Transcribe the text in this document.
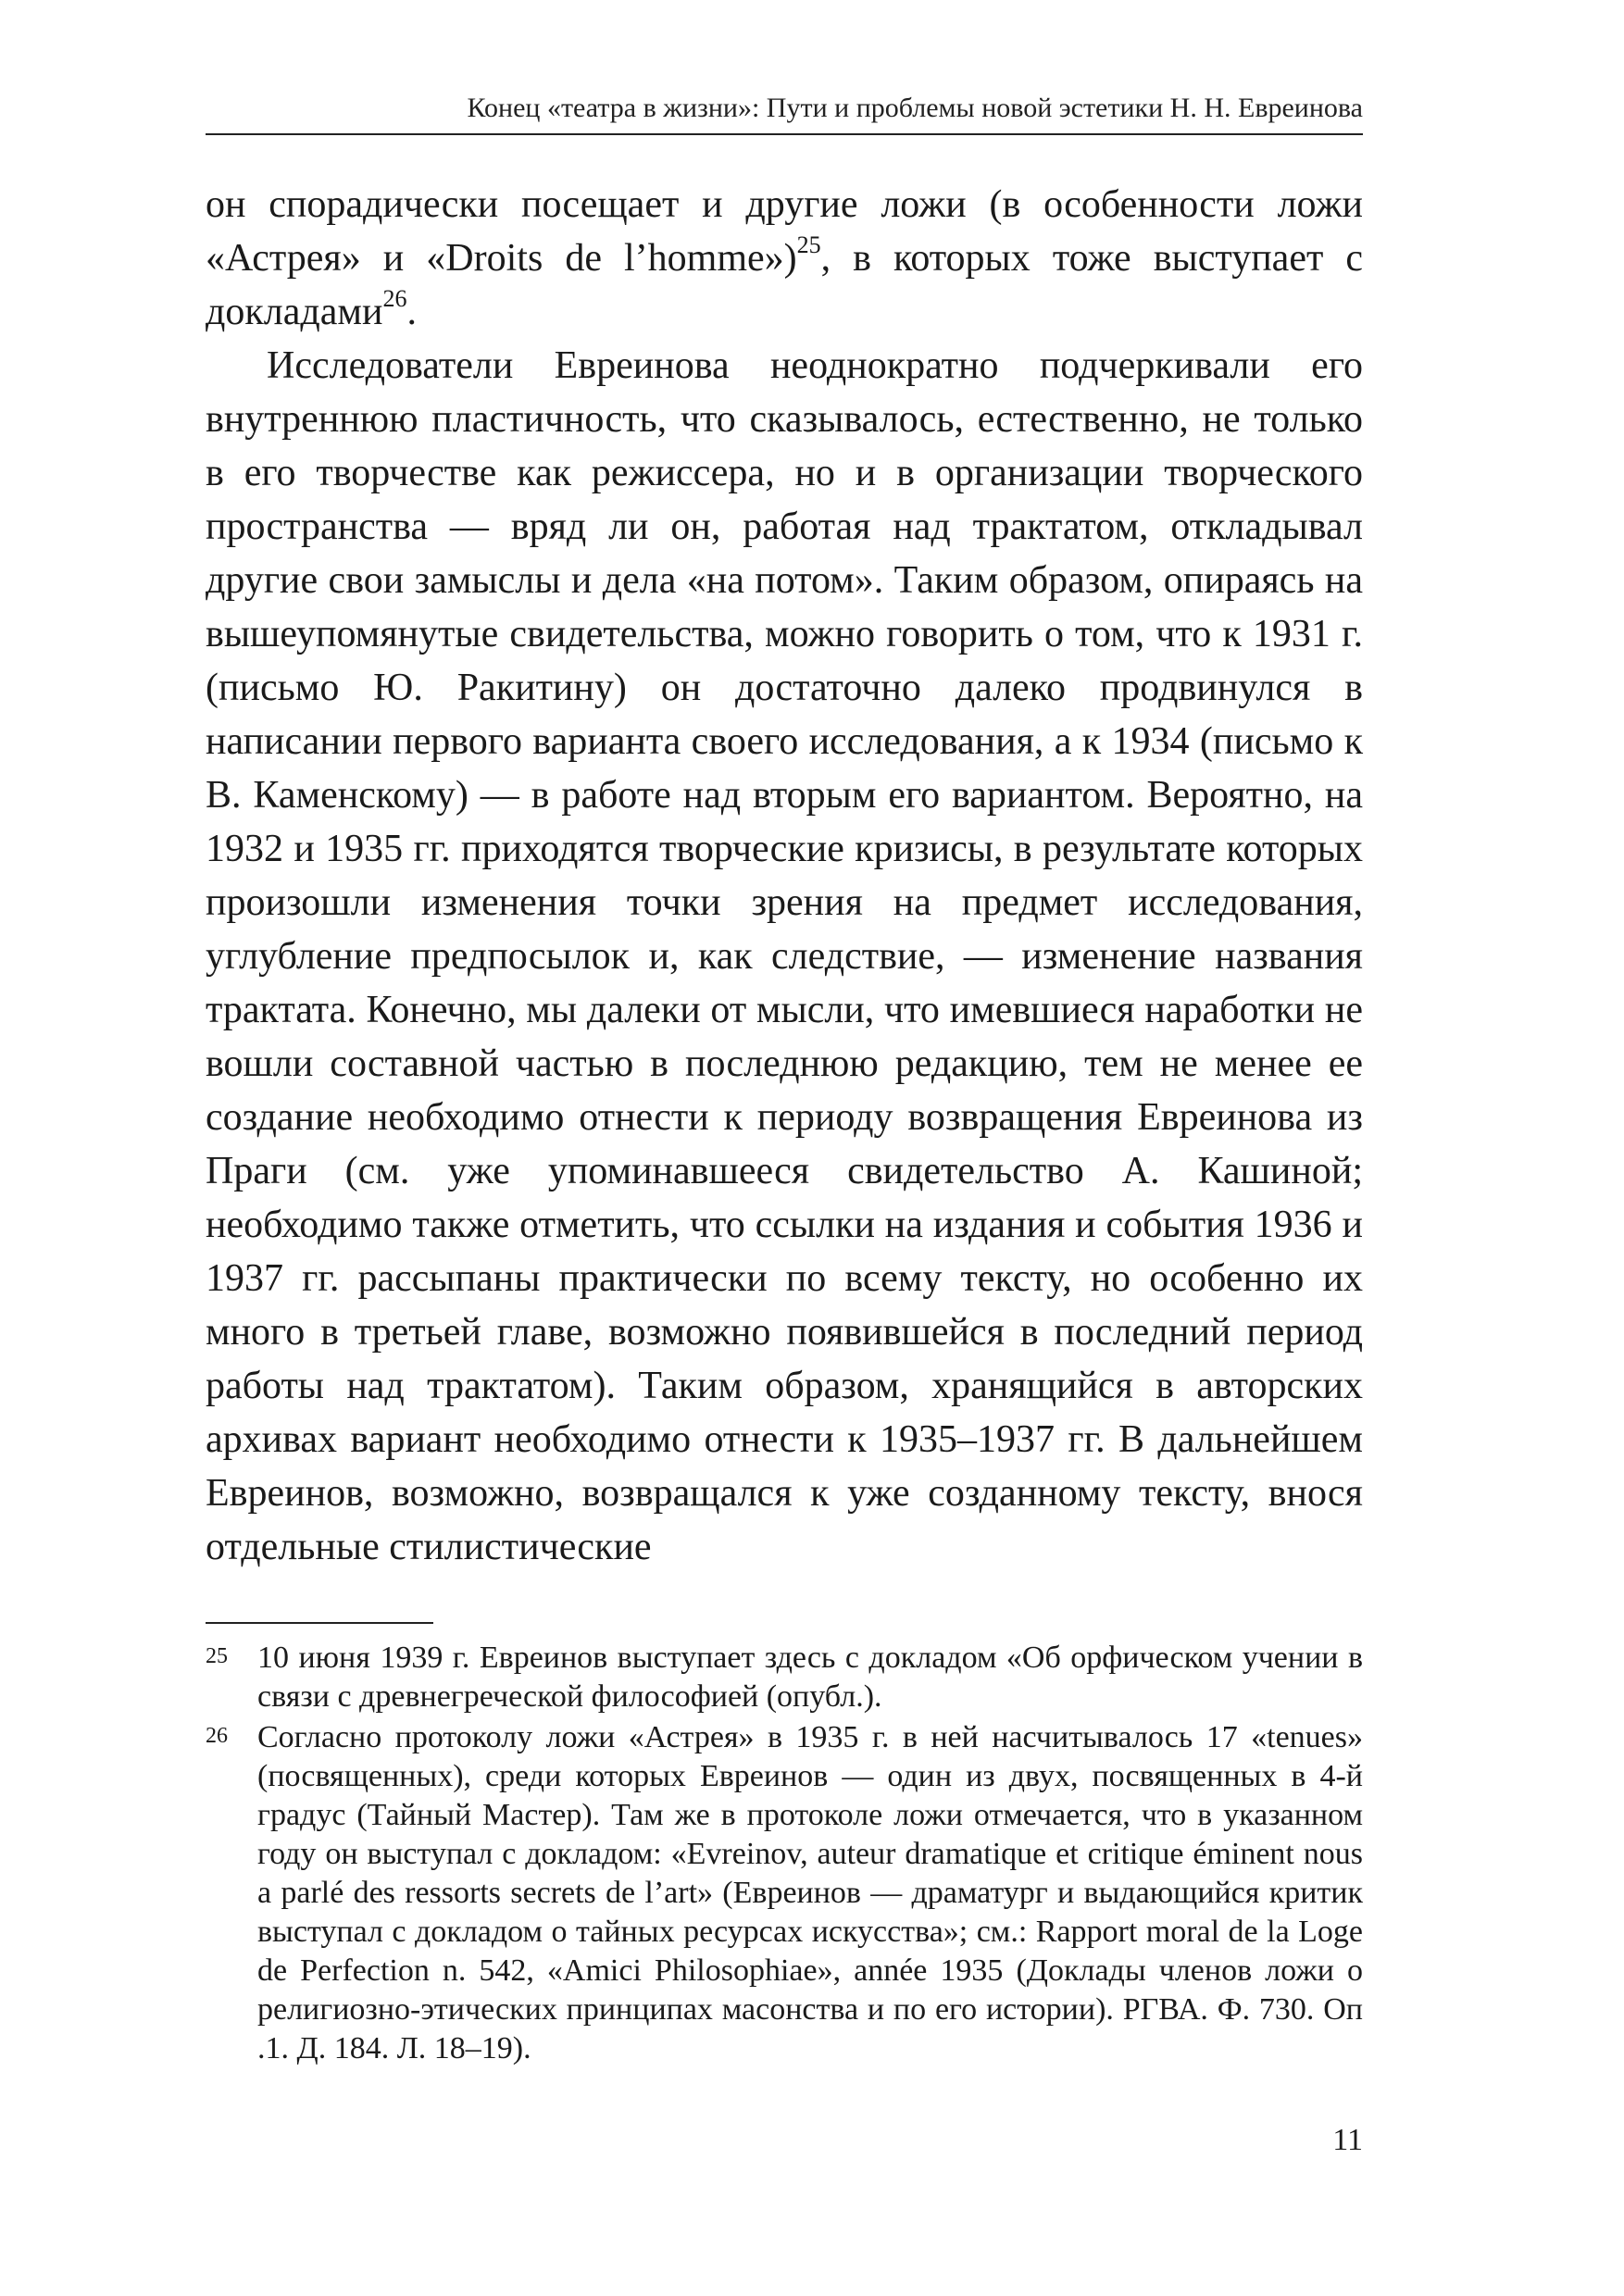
Конец «театра в жизни»: Пути и проблемы новой эстетики Н. Н. Евреинова

он спорадически посещает и другие ложи (в особенности ложи «Астрея» и «Droits de l’homme»)$^{25}$, в которых тоже выступает с докладами$^{26}$.

Исследователи Евреинова неоднократно подчеркивали его внутреннюю пластичность, что сказывалось, естественно, не только в его творчестве как режиссера, но и в организации творческого пространства — вряд ли он, работая над трактатом, откладывал другие свои замыслы и дела «на потом». Таким образом, опираясь на вышеупомянутые свидетельства, можно говорить о том, что к 1931 г. (письмо Ю. Ракитину) он достаточно далеко продвинулся в написании первого варианта своего исследования, а к 1934 (письмо к В. Каменскому) — в работе над вторым его вариантом. Вероятно, на 1932 и 1935 гг. приходятся творческие кризисы, в результате которых произошли изменения точки зрения на предмет исследования, углубление предпосылок и, как следствие, — изменение названия трактата. Конечно, мы далеки от мысли, что имевшиеся наработки не вошли составной частью в последнюю редакцию, тем не менее ее создание необходимо отнести к периоду возвращения Евреинова из Праги (см. уже упоминавшееся свидетельство А. Кашиной; необходимо также отметить, что ссылки на издания и события 1936 и 1937 гг. рассыпаны практически по всему тексту, но особенно их много в третьей главе, возможно появившейся в последний период работы над трактатом). Таким образом, хранящийся в авторских архивах вариант необходимо отнести к 1935–1937 гг. В дальнейшем Евреинов, возможно, возвращался к уже созданному тексту, внося отдельные стилистические

25 10 июня 1939 г. Евреинов выступает здесь с докладом «Об орфическом учении в связи с древнегреческой философией (опубл.).
26 Согласно протоколу ложи «Астрея» в 1935 г. в ней насчитывалось 17 «tenues» (посвященных), среди которых Евреинов — один из двух, посвященных в 4-й градус (Тайный Мастер). Там же в протоколе ложи отмечается, что в указанном году он выступал с докладом: «Evreinov, auteur dramatique et critique éminent nous a parlé des ressorts secrets de l’art» (Евреинов — драматург и выдающийся критик выступал с докладом о тайных ресурсах искусства»; см.: Rapport moral de la Loge de Perfection n. 542, «Amici Philosophiae», année 1935 (Доклады членов ложи о религиозно-этических принципах масонства и по его истории). РГВА. Ф. 730. Оп .1. Д. 184. Л. 18–19).
11
